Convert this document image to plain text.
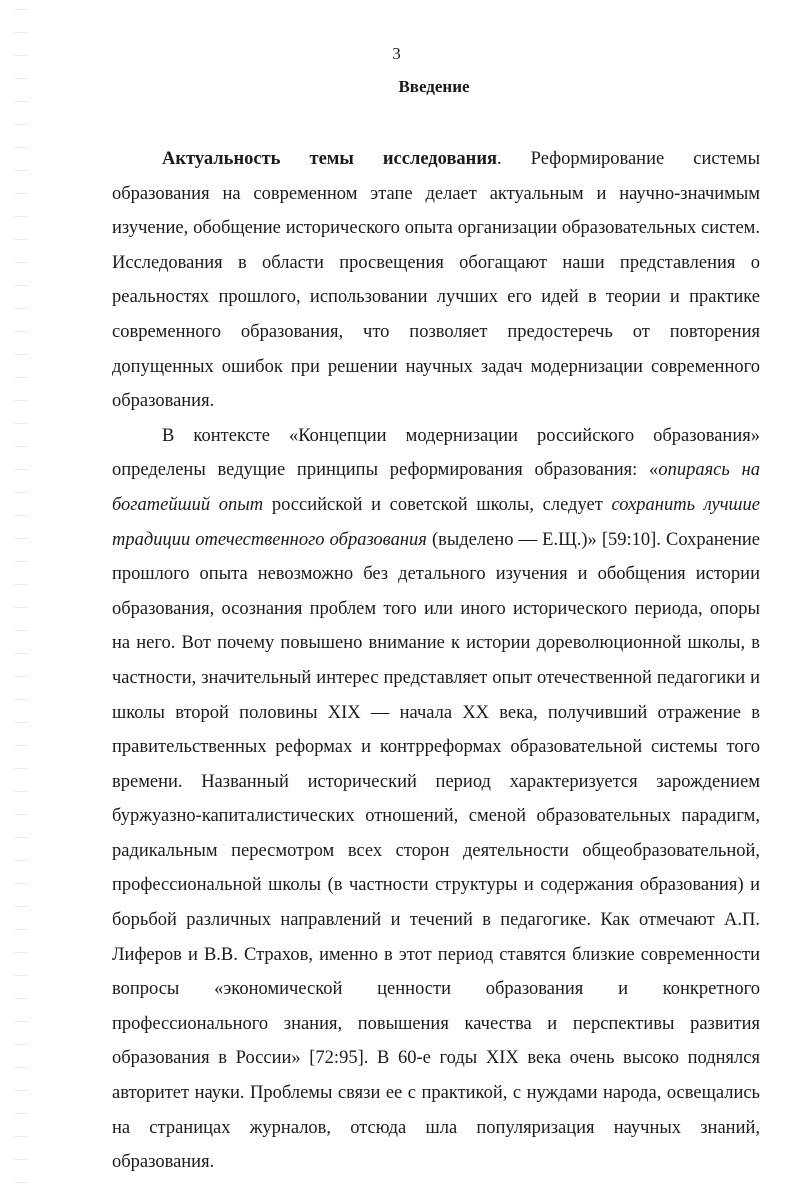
3
Введение

Актуальность темы исследования. Реформирование системы образования на современном этапе делает актуальным и научно-значимым изучение, обобщение исторического опыта организации образовательных систем. Исследования в области просвещения обогащают наши представления о реальностях прошлого, использовании лучших его идей в теории и практике современного образования, что позволяет предостеречь от повторения допущенных ошибок при решении научных задач модернизации современного образования.

В контексте «Концепции модернизации российского образования» определены ведущие принципы реформирования образования: «опираясь на богатейший опыт российской и советской школы, следует сохранить лучшие традиции отечественного образования (выделено — Е.Щ.)» [59:10]. Сохранение прошлого опыта невозможно без детального изучения и обобщения истории образования, осознания проблем того или иного исторического периода, опоры на него. Вот почему повышено внимание к истории дореволюционной школы, в частности, значительный интерес представляет опыт отечественной педагогики и школы второй половины XIX — начала XX века, получивший отражение в правительственных реформах и контрреформах образовательной системы того времени. Названный исторический период характеризуется зарождением буржуазно-капиталистических отношений, сменой образовательных парадигм, радикальным пересмотром всех сторон деятельности общеобразовательной, профессиональной школы (в частности структуры и содержания образования) и борьбой различных направлений и течений в педагогике. Как отмечают А.П. Лиферов и В.В. Страхов, именно в этот период ставятся близкие современности вопросы «экономической ценности образования и конкретного профессионального знания, повышения качества и перспективы развития образования в России» [72:95]. В 60-е годы XIX века очень высоко поднялся авторитет науки. Проблемы связи ее с практикой, с нуждами народа, освещались на страницах журналов, отсюда шла популяризация научных знаний, образования.
